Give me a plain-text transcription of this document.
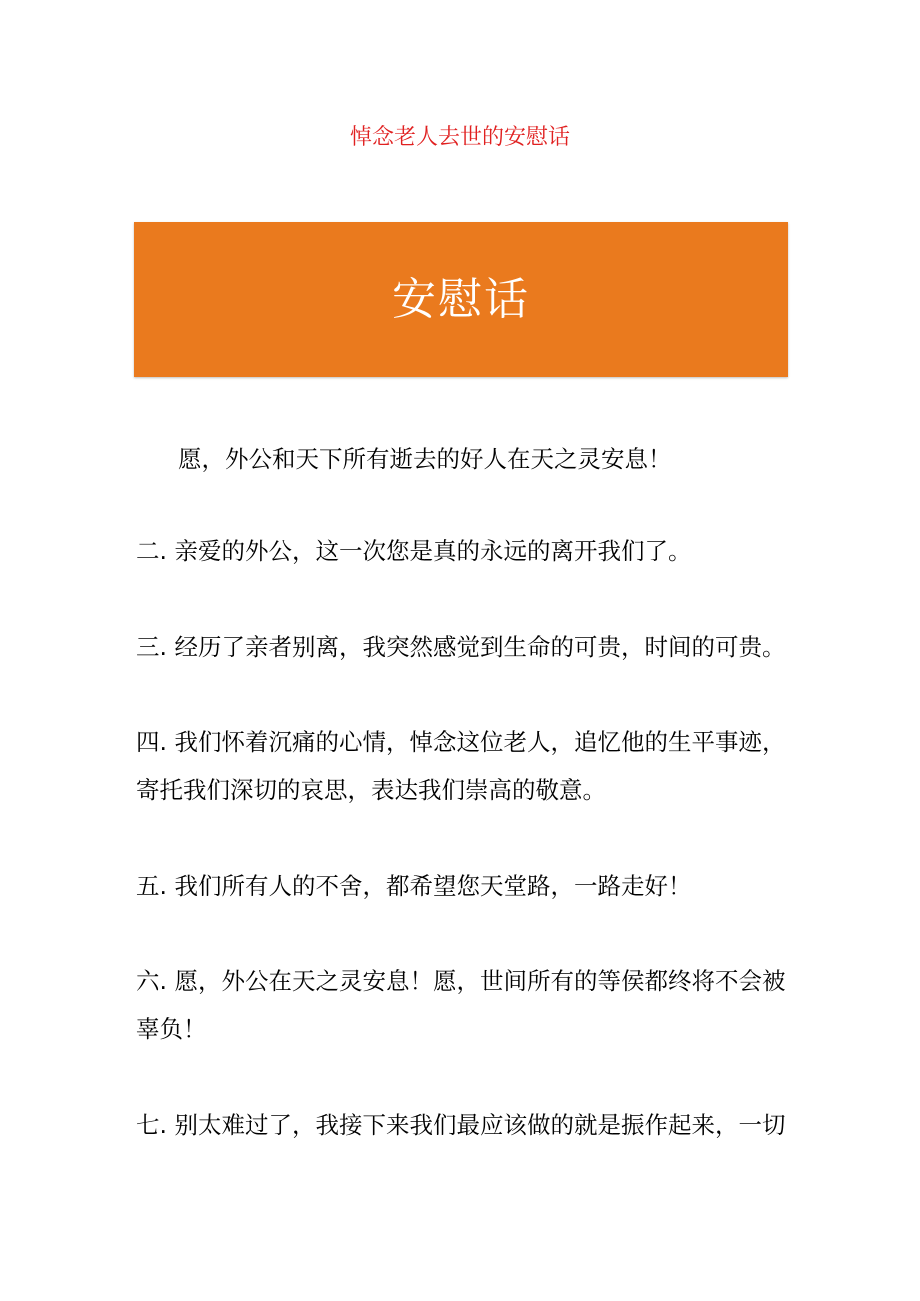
悼念老人去世的安慰话
安慰话
愿，外公和天下所有逝去的好人在天之灵安息！
二. 亲爱的外公，这一次您是真的永远的离开我们了。
三. 经历了亲者别离，我突然感觉到生命的可贵，时间的可贵。
四. 我们怀着沉痛的心情，悼念这位老人，追忆他的生平事迹，
寄托我们深切的哀思，表达我们崇高的敬意。
五. 我们所有人的不舍，都希望您天堂路，一路走好！
六. 愿，外公在天之灵安息！愿，世间所有的等侯都终将不会被
辜负！
七. 别太难过了，我接下来我们最应该做的就是振作起来，一切
